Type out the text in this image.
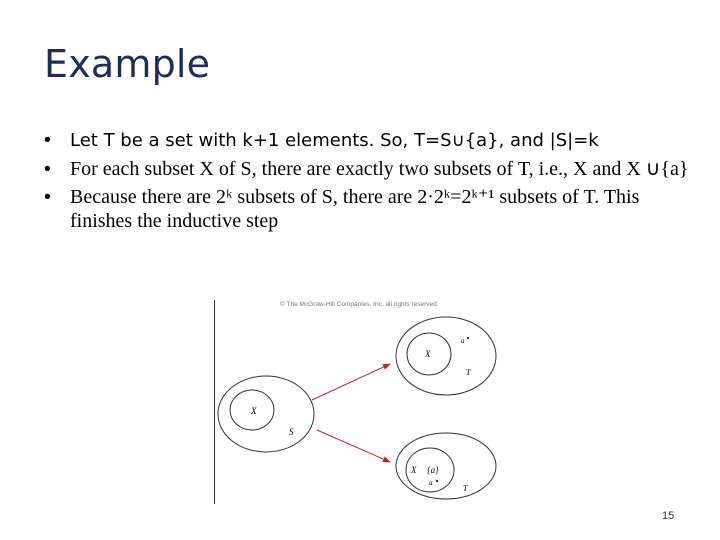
Example
• Let T be a set with k+1 elements. So, T=S∪{a}, and |S|=k
• For each subset X of S, there are exactly two subsets of T, i.e., X and X ∪{a}
• Because there are 2ᵏ subsets of S, there are 2·2ᵏ=2ᵏ⁺¹ subsets of T. This finishes the inductive step
X
S
X
a
T
X {a}
a
T
© The McGraw-Hill Companies, Inc. all rights reserved.
15
